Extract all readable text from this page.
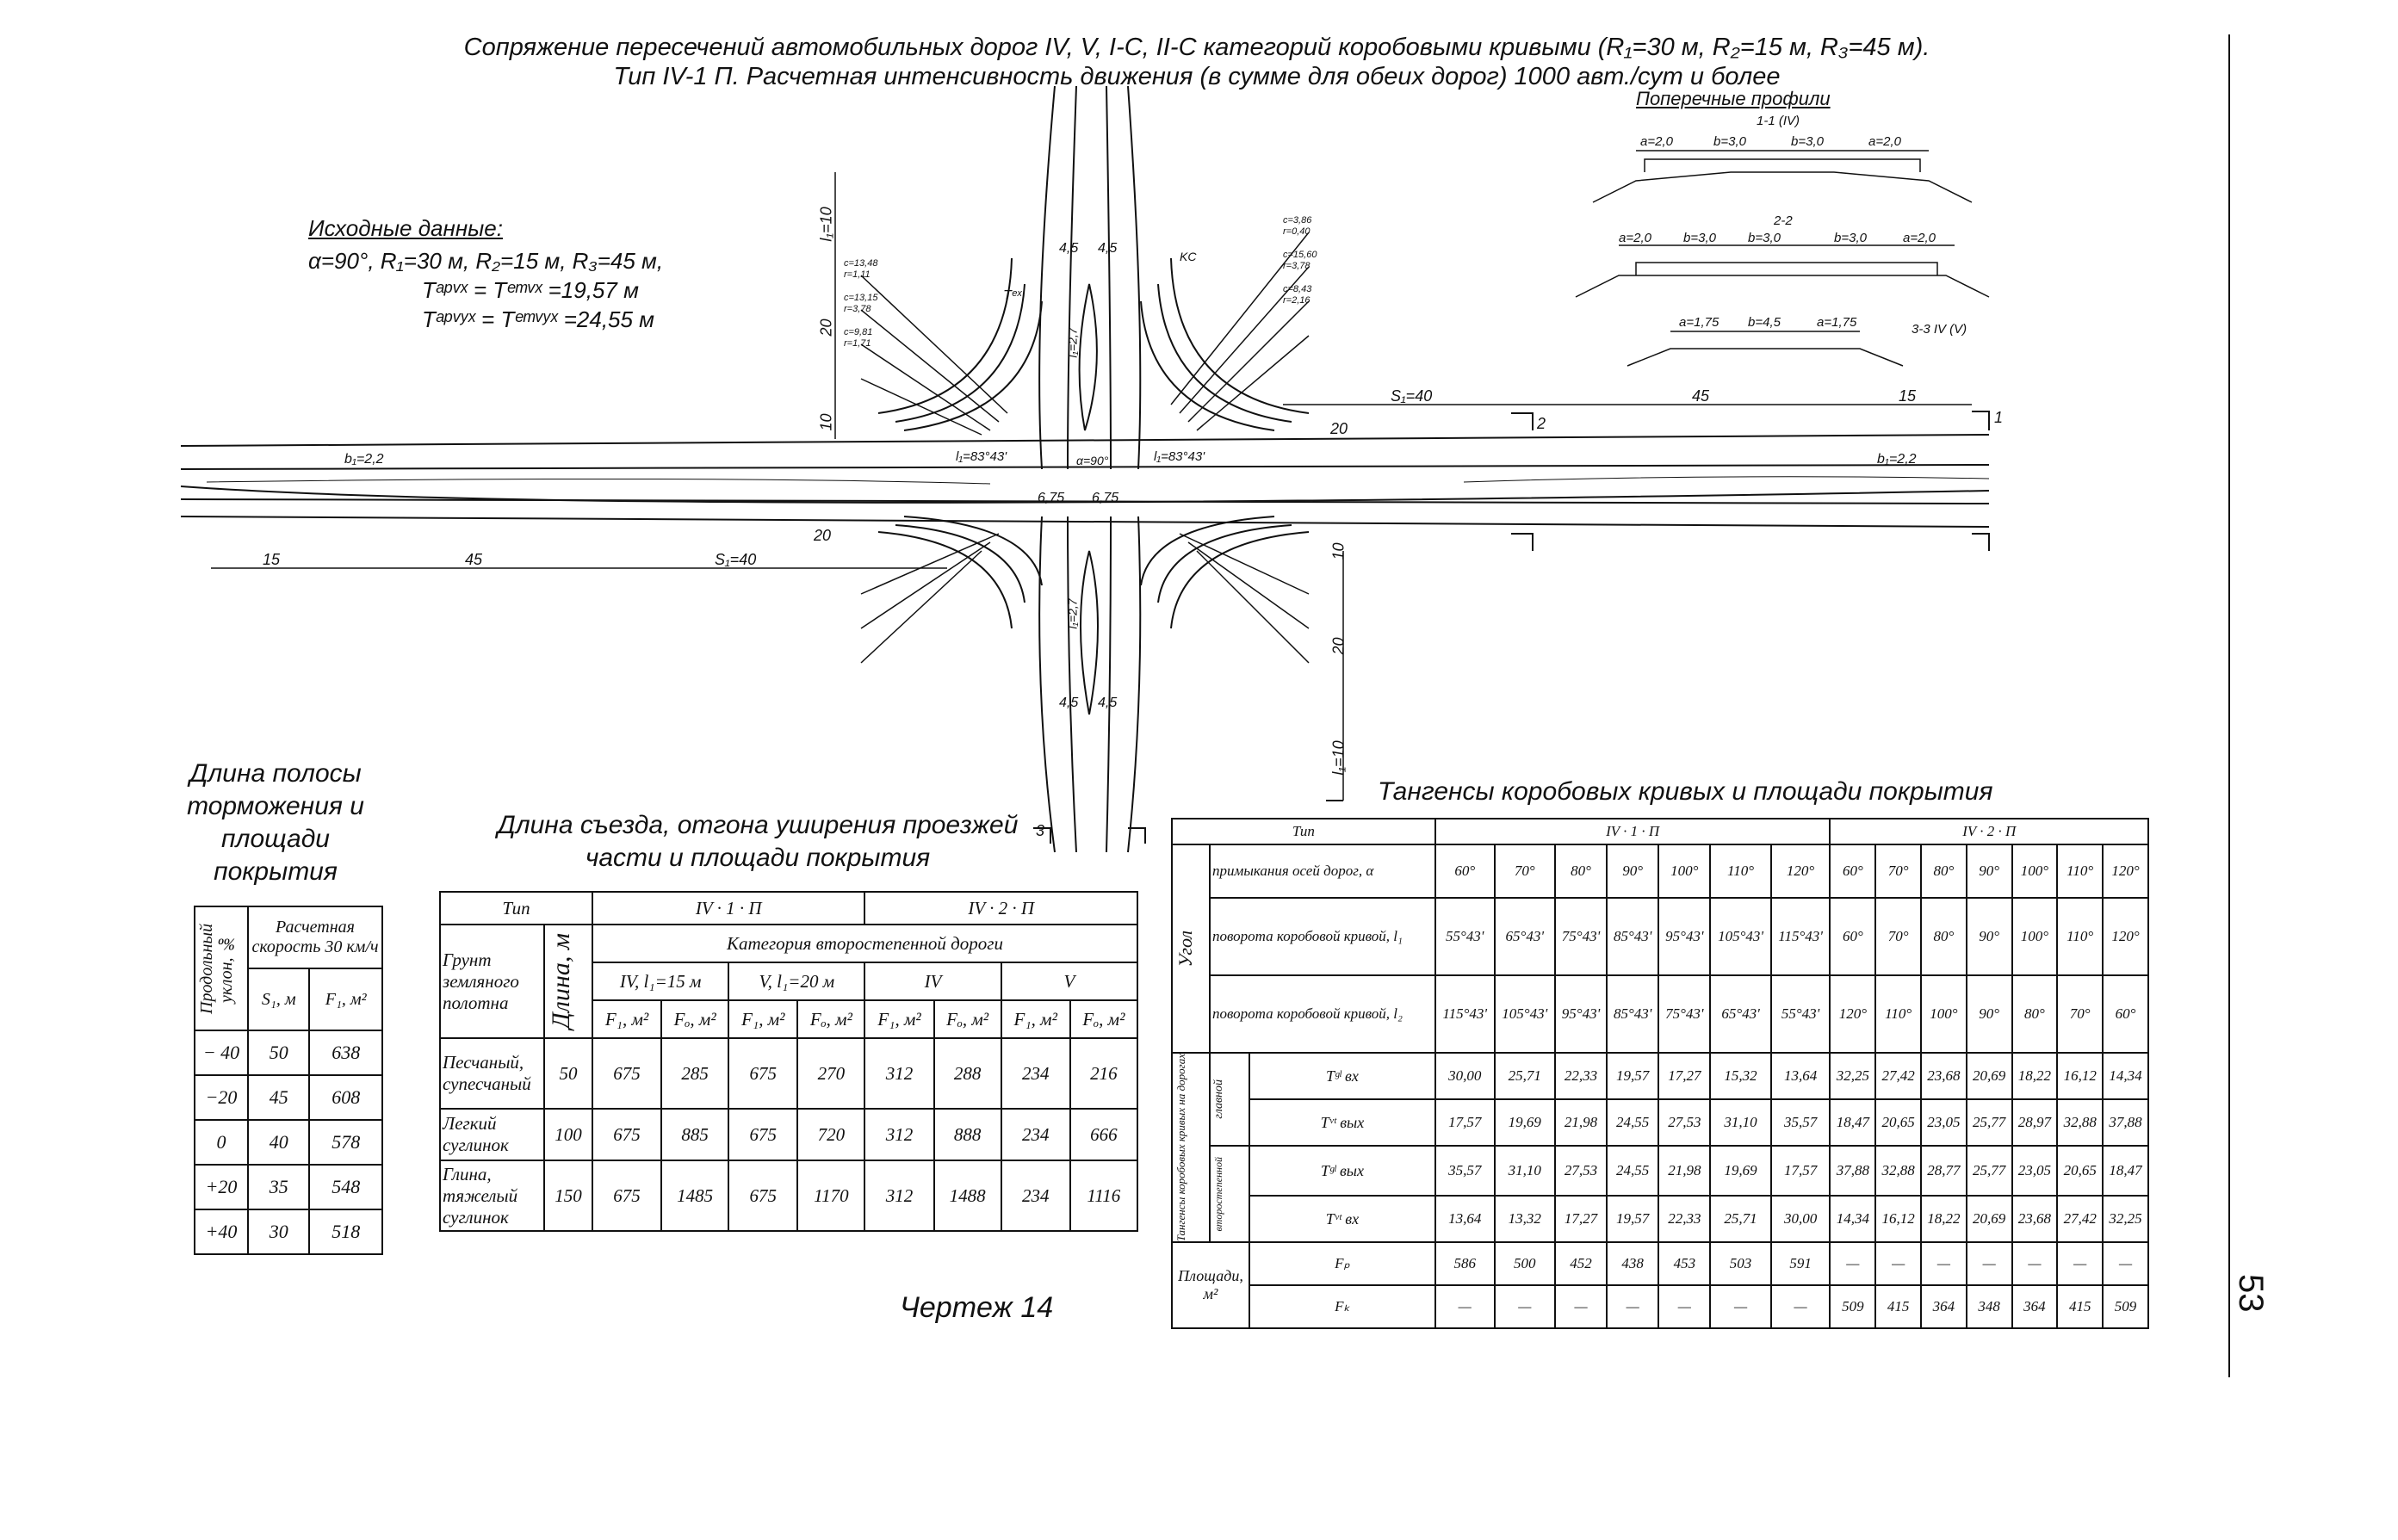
Сопряжение пересечений автомобильных дорог IV, V, I-C, II-C категорий коробовыми кривыми (R₁=30 м, R₂=15 м, R₃=45 м).
Тип IV-1 П. Расчетная интенсивность движения (в сумме для обеих дорог) 1000 авт./сут и более
53
Исходные данные:
α=90°, R₁=30 м, R₂=15 м, R₃=45 м,
Tᵃᵖᵛˣ = Tᵉᵐᵛˣ =19,57 м
Tᵃᵖᵛʸˣ = Tᵉᵐᵛʸˣ =24,55 м
Поперечные профили
1-1 (IV)
2-2
3-3 IV (V)
a=2,0	b=3,0	b=3,0	a=2,0
a=2,0 b=3,0 b=3,0	b=3,0	a=2,0
a=1,75 b=4,5	a=1,75
l₁=10
20
10
S₁=40	45	15
20
15	45	S₁=40
20
b₁=2,2	b₁=2,2
6,75 6,75
4,5 4,5
4,5 4,5
l₁=83°43'	l₁=83°43'
α=90°
l₁=2,7
l₁=2,7
l₁=10
20
10
1
2
3
KC
Tᵉˣ
c=13,48
r=1,11
c=13,15
r=3,78
c=9,81
r=1,71
c=3,86
r=0,40
c=15,60
r=3,78
c=8,43
r=2,16
Длина полосы торможения и площади покрытия
Продольный уклон, ‰	Расчетная скорость 30 км/ч	
	S₁, м	F₁, м²
− 40	50	638
−20	45	608
0	40	578
+20	35	548
+40	30	518
Длина съезда, отгона уширения проезжей части и площади покрытия
Тип		IV · 1 · П				IV · 2 · П			
Грунт земляного полотна	Длина, м	Категория второстепенной дороги							
		IV, l₁=15 м		V, l₁=20 м		IV		V	
		F₁, м²	Fₒ, м²	F₁, м²	Fₒ, м²	F₁, м²	Fₒ, м²	F₁, м²	Fₒ, м²
Песчаный, супесчаный	50	675	285	675	270	312	288	234	216
Легкий суглинок	100	675	885	675	720	312	888	234	666
Глина, тяжелый суглинок	150	675	1485	675	1170	312	1488	234	1116
Чертеж 14
Тангенсы коробовых кривых и площади покрытия
Тип			IV · 1 · П							IV · 2 · П						

Угол	примыкания осей дорог, α		60°	70°	80°	90°	100°	110°	120°	60°	70°	80°	90°	100°	110°	120°
	поворота коробовой кривой, l₁		55°43'	65°43'	75°43'	85°43'	95°43'	105°43'	115°43'	60°	70°	80°	90°	100°	110°	120°
	поворота коробовой кривой, l₂		115°43'	105°43'	95°43'	85°43'	75°43'	65°43'	55°43'	120°	110°	100°	90°	80°	70°	60°

Тангенсы коробовых кривых на дорогах	главной	Tᵍˡ вх	30,00	25,71	22,33	19,57	17,27	15,32	13,64	32,25	27,42	23,68	20,69	18,22	16,12	14,34
		Tᵛᵗ вых	17,57	19,69	21,98	24,55	27,53	31,10	35,57	18,47	20,65	23,05	25,77	28,97	32,88	37,88

	второстепенной	Tᵍˡ вых	35,57	31,10	27,53	24,55	21,98	19,69	17,57	37,88	32,88	28,77	25,77	23,05	20,65	18,47
		Tᵛᵗ вх	13,64	13,32	17,27	19,57	22,33	25,71	30,00	14,34	16,12	18,22	20,69	23,68	27,42	32,25
Площади, м²		Fₚ	586	500	452	438	453	503	591	—	—	—	—	—	—	—
		Fₖ	—	—	—	—	—	—	—	509	415	364	348	364	415	509
